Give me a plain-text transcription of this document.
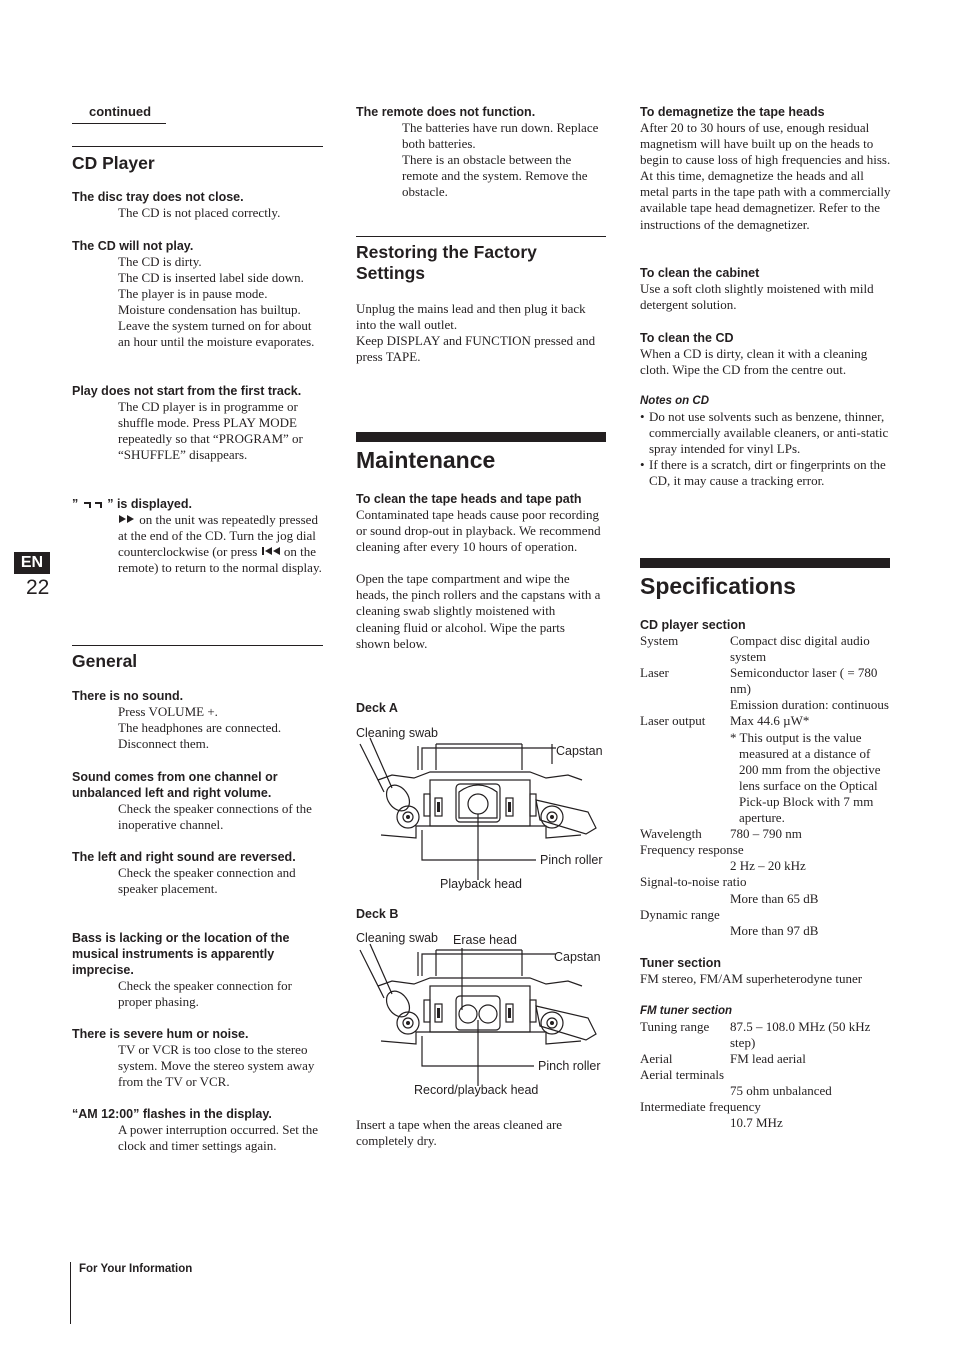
continued
CD Player

The disc tray does not close.

The CD is not placed correctly.

The CD will not play.

The CD is dirty.

The CD is inserted label side down.

The player is in pause mode.

Moisture condensation has builtup. Leave the system turned on for about an hour until the moisture evaporates.

Play does not start from the first track.

The CD player is in programme or shuffle mode. Press PLAY MODE repeatedly so that “PROGRAM” or “SHUFFLE” disappears.

” ” is displayed.

on the unit was repeatedly pressed at the end of the CD. Turn the jog dial counterclockwise (or press on the remote) to return to the normal display.

General

There is no sound.

Press VOLUME +.

The headphones are connected. Disconnect them.

Sound comes from one channel or unbalanced left and right volume.

Check the speaker connections of the inoperative channel.

The left and right sound are reversed.

Check the speaker connection and speaker placement.

Bass is lacking or the location of the musical instruments is apparently imprecise.

Check the speaker connection for proper phasing.

There is severe hum or noise.

TV or VCR is too close to the stereo system. Move the stereo system away from the TV or VCR.

“AM 12:00” flashes in the display.

A power interruption occurred. Set the clock and timer settings again.

EN
22

The remote does not function.

The batteries have run down. Replace both batteries.

There is an obstacle between the remote and the system. Remove the obstacle.

Restoring the Factory Settings

Unplug the mains lead and then plug it back into the wall outlet.

Keep DISPLAY and FUNCTION pressed and press TAPE.

Maintenance

To clean the tape heads and tape path

Contaminated tape heads cause poor recording or sound drop-out in playback. We recommend cleaning after every 10 hours of operation.

Open the tape compartment and wipe the heads, the pinch rollers and the capstans with a cleaning swab slightly moistened with cleaning fluid or alcohol. Wipe the parts shown below.

Deck A
Cleaning swab
Capstan
Pinch roller
Playback head
Deck B
Cleaning swab Erase head
Capstan
Pinch roller
Record/playback head

Insert a tape when the areas cleaned are completely dry.

To demagnetize the tape heads

After 20 to 30 hours of use, enough residual magnetism will have built up on the heads to begin to cause loss of high frequencies and hiss. At this time, demagnetize the heads and all metal parts in the tape path with a commercially available tape head demagnetizer. Refer to the instructions of the demagnetizer.

To clean the cabinet

Use a soft cloth slightly moistened with mild detergent solution.

To clean the CD

When a CD is dirty, clean it with a cleaning cloth. Wipe the CD from the centre out.

Notes on CD

• Do not use solvents such as benzene, thinner, commercially available cleaners, or anti-static spray intended for vinyl LPs.
• If there is a scratch, dirt or fingerprints on the CD, it may cause a tracking error.
Specifications

CD player section

System	Compact disc digital audio system
Laser	Semiconductor laser ( = 780 nm)
Emission duration: continuous
Laser output	Max 44.6 µW*
* This output is the value measured at a distance of 200 mm from the objective lens surface on the Optical Pick-up Block with 7 mm aperture.
Wavelength	780 – 790 nm
Frequency response
2 Hz – 20 kHz
Signal-to-noise ratio
More than 65 dB
Dynamic range
More than 97 dB

Tuner section

FM stereo, FM/AM superheterodyne tuner

FM tuner section

Tuning range	87.5 – 108.0 MHz (50 kHz step)
Aerial	FM lead aerial
Aerial terminals
75 ohm unbalanced
Intermediate frequency
10.7 MHz
For Your Information
